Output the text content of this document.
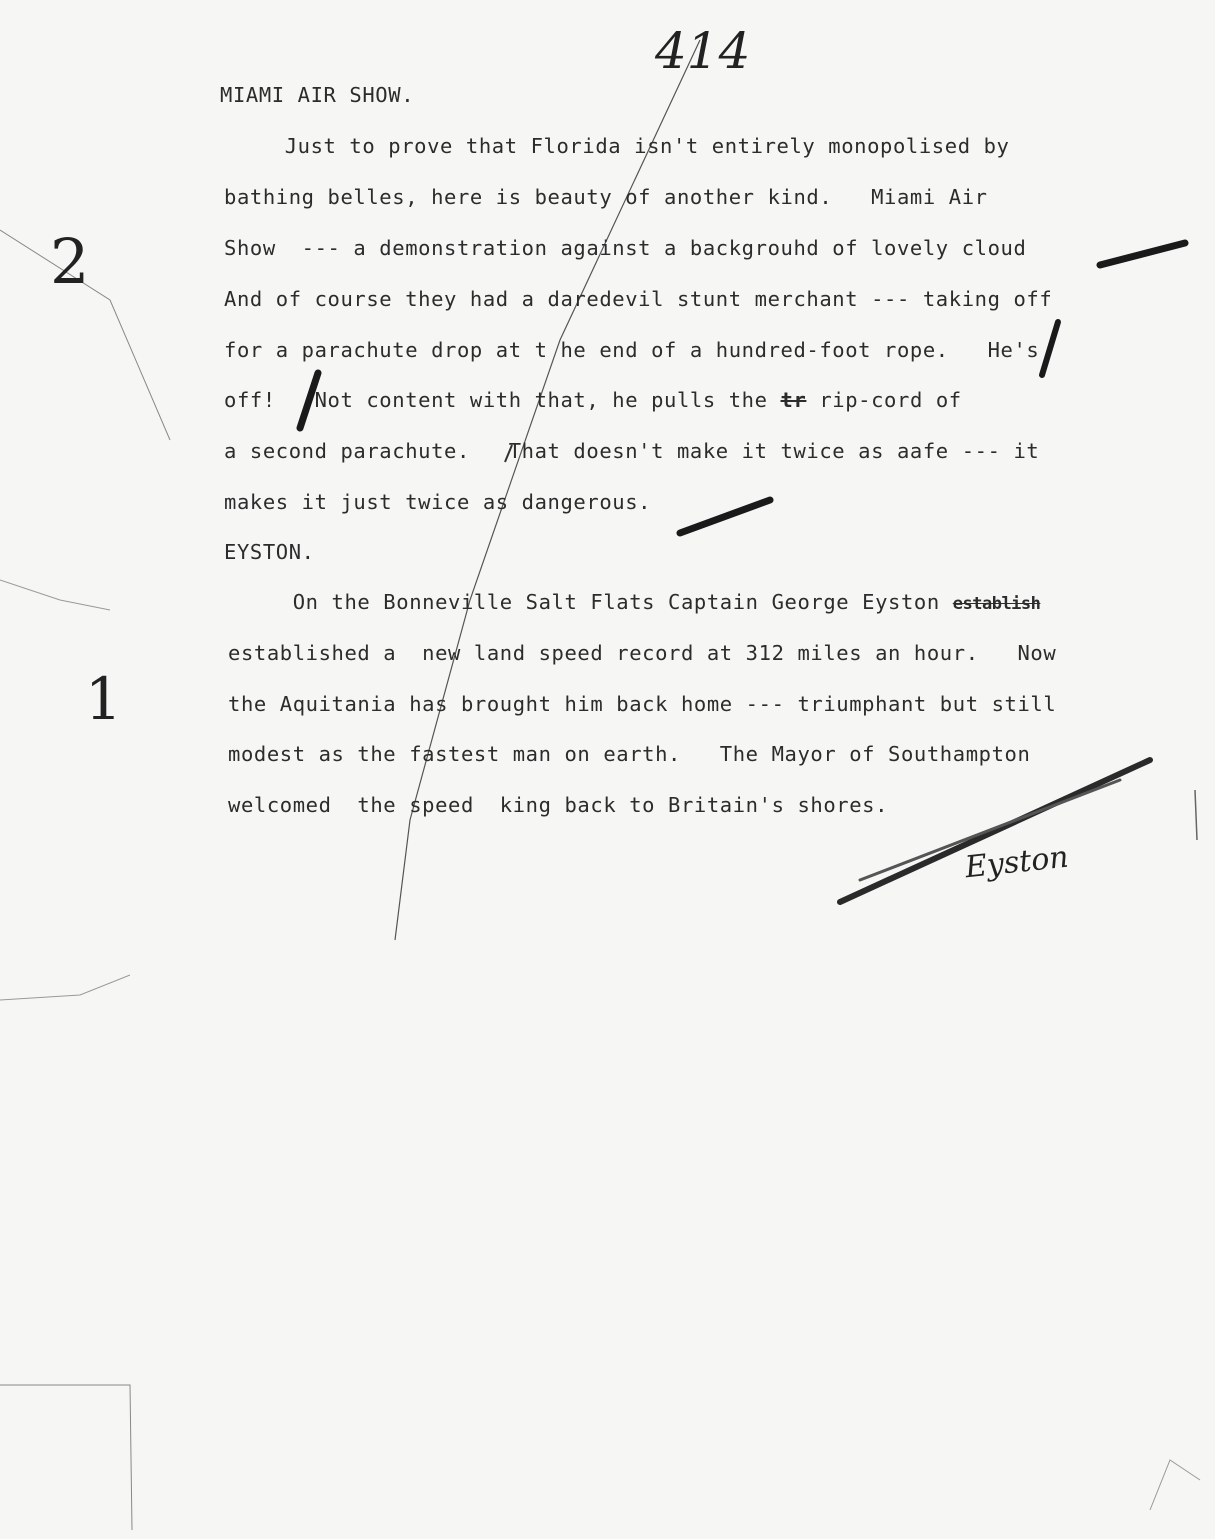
414
2
1
MIAMI AIR SHOW.
Just to prove that Florida isn't entirely monopolised by
bathing belles, here is beauty of another kind.   Miami Air
Show  --- a demonstration against a backgrouhd of lovely cloud
And of course they had a daredevil stunt merchant --- taking off
for a parachute drop at t he end of a hundred-foot rope.   He's
off!   Not content with that, he pulls the tr rip-cord of
a second parachute.   That doesn't make it twice as aafe --- it
makes it just twice as dangerous.
EYSTON.
On the Bonneville Salt Flats Captain George Eyston establish
established a  new land speed record at 312 miles an hour.   Now
the Aquitania has brought him back home --- triumphant but still
modest as the fastest man on earth.   The Mayor of Southampton
welcomed  the speed  king back to Britain's shores.
Eyston
